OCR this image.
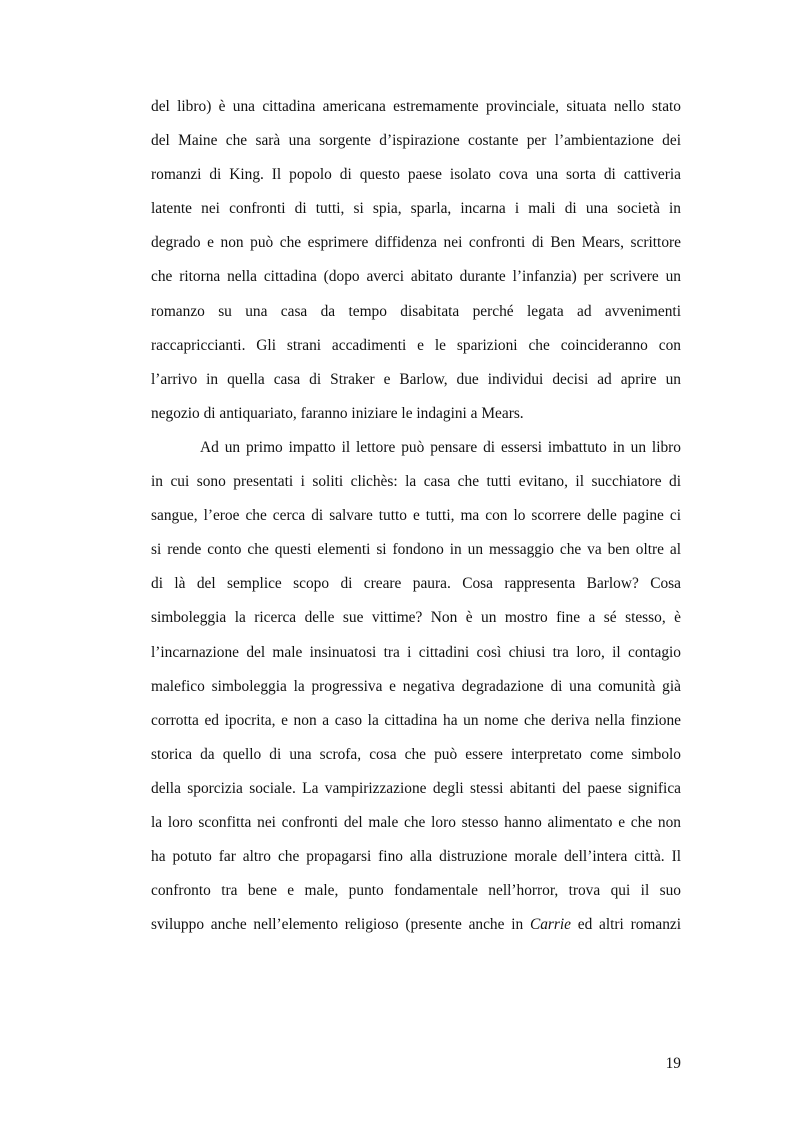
del libro) è una cittadina americana estremamente provinciale, situata nello stato
del Maine che sarà una sorgente d’ispirazione costante per l’ambientazione dei
romanzi di King. Il popolo di questo paese isolato cova una sorta di cattiveria
latente nei confronti di tutti, si spia, sparla, incarna i mali di una società in
degrado e non può che esprimere diffidenza nei confronti di Ben Mears, scrittore
che ritorna nella cittadina (dopo averci abitato durante l’infanzia) per scrivere un
romanzo su una casa da tempo disabitata perché legata ad avvenimenti
raccapriccianti. Gli strani accadimenti e le sparizioni che coincideranno con
l’arrivo in quella casa di Straker e Barlow, due individui decisi ad aprire un
negozio di antiquariato, faranno iniziare le indagini a Mears.
Ad un primo impatto il lettore può pensare di essersi imbattuto in un libro
in cui sono presentati i soliti clichès: la casa che tutti evitano, il succhiatore di
sangue, l’eroe che cerca di salvare tutto e tutti, ma con lo scorrere delle pagine ci
si rende conto che questi elementi si fondono in un messaggio che va ben oltre al
di là del semplice scopo di creare paura. Cosa rappresenta Barlow? Cosa
simboleggia la ricerca delle sue vittime? Non è un mostro fine a sé stesso, è
l’incarnazione del male insinuatosi tra i cittadini così chiusi tra loro, il contagio
malefico simboleggia la progressiva e negativa degradazione di una comunità già
corrotta ed ipocrita, e non a caso la cittadina ha un nome che deriva nella finzione
storica da quello di una scrofa, cosa che può essere interpretato come simbolo
della sporcizia sociale. La vampirizzazione degli stessi abitanti del paese significa
la loro sconfitta nei confronti del male che loro stesso hanno alimentato e che non
ha potuto far altro che propagarsi fino alla distruzione morale dell’intera città. Il
confronto tra bene e male, punto fondamentale nell’horror, trova qui il suo
sviluppo anche nell’elemento religioso (presente anche in Carrie ed altri romanzi
19
